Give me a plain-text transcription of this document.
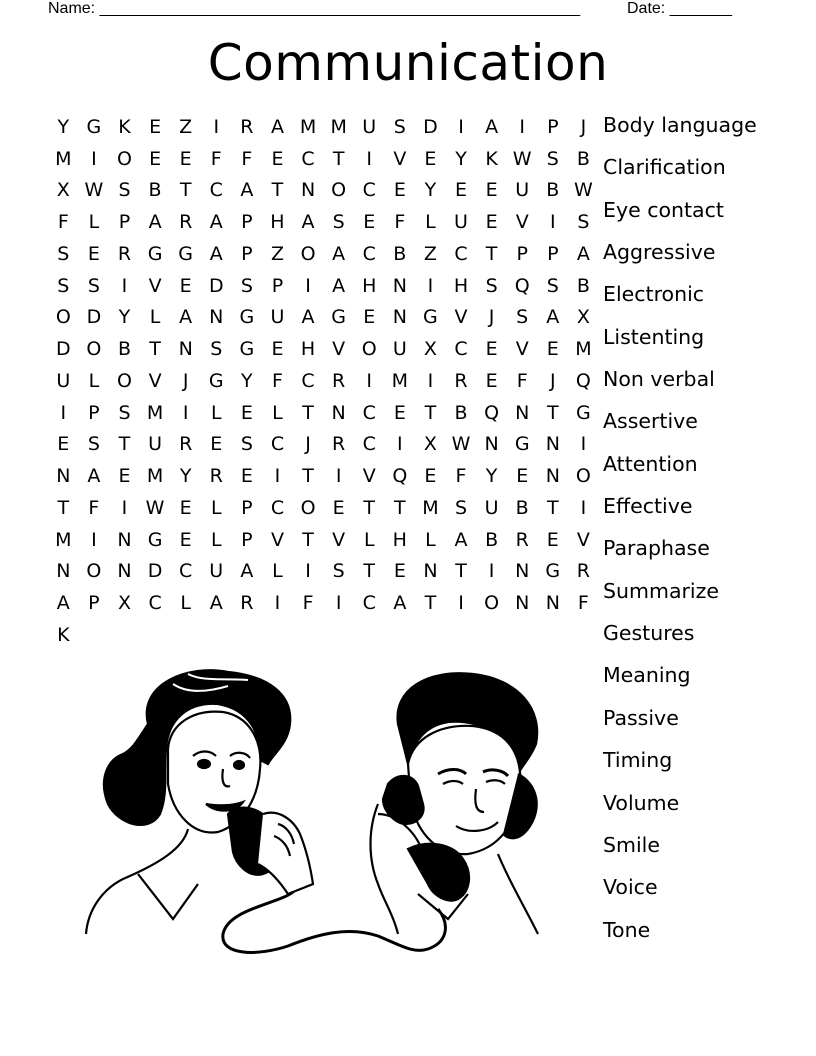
Name: ______________________________________________________	Date: _______
Communication
Y G K E Z	I	R A M M U S D	I	A	I	P	J
M	I	O E E	F	F	E C T	I	V E Y K W S B
X W S B T C A T N O C E Y E E U B W
F	L	P A R A P H A S E	F	L U E V	I	S
S E R G G A P Z O A C B Z C T	P	P A
S S	I	V E D S P	I	A H N	I	H S Q S B
O D Y	L A N G U A G E N G V	J	S A X
D O B T N S G E H V O U X C E V E M
U L O V	J	G Y	F C R	I	M	I	R E	F	J	Q
I	P S M	I	L	E	L	T N C E T B Q N T G
E S T U R E S C	J	R C	I	X W N G N	I
N A E M Y R E	I	T	I	V Q E	F	Y E N O
T	F	I W E	L	P C O E T T M S U B T	I
M	I	N G E	L	P V T V L H L A B R E V
N O N D C U A L	I	S T E N T	I	N G R
A P X C L A R	I	F	I	C A T	I	O N N F
K
Body language
Clarification
Eye contact
Aggressive
Electronic
Listenting
Non verbal
Assertive
Attention
Effective
Paraphase
Summarize
Gestures
Meaning
Passive
Timing
Volume
Smile
Voice
Tone
